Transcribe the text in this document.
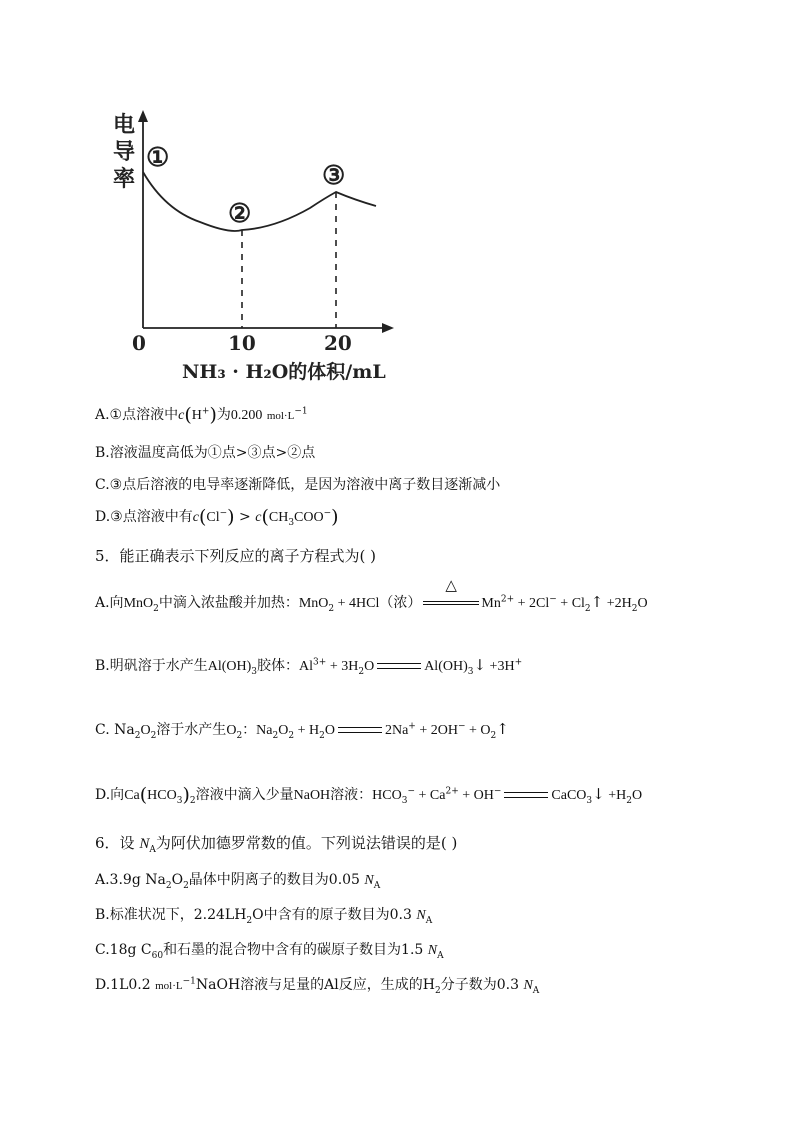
电
导
率
①
②
③
0	10	20
NH₃ · H₂O的体积/mL
A.①点溶液中c(H+)为0.200 $mol\cdot L^{-1}$
B.溶液温度高低为①点>③点>②点
C.③点后溶液的电导率逐渐降低，是因为溶液中离子数目逐渐减小
D.③点溶液中有$c(Cl^-) > c(CH_3COO^-)$
5．能正确表示下列反应的离子方程式为( )
A.向MnO$_2$中滴入浓盐酸并加热：MnO$_2$ + 4HCl（浓）
△
$Mn^{2+} + 2Cl^-$ + $Cl_2↑ +2H_2O$
B.明矾溶于水产生$Al(OH)_3$胶体：$Al^{3+} + 3H_2O$	$Al(OH)_3↓ +3H^+$
C. $Na_2O_2$溶于水产生$O_2$：$Na_2O_2 + H_2O$	$2Na^+ + 2OH^- + O_2↑$
D.向$Ca(HCO_3)_2$溶液中滴入少量NaOH溶液：$HCO_3^- + Ca^{2+} + OH^-$	CaCO$_3$↓ $+H_2O$
6．设 $N_A$为阿伏加德罗常数的值。下列说法错误的是( )
A.3.9g $Na_2O_2$晶体中阴离子的数目为0.05 $N_A$
B.标准状况下，$2.24LH_2O$中含有的原子数目为0.3 $N_A$
C.18g $C_{60}$和石墨的混合物中含有的碳原子数目为1.5 $N_A$
D.1L0.2 $mol\cdot L^{-1}NaOH$溶液与足量的Al反应，生成的$H_2$分子数为0.3 $N_A$
